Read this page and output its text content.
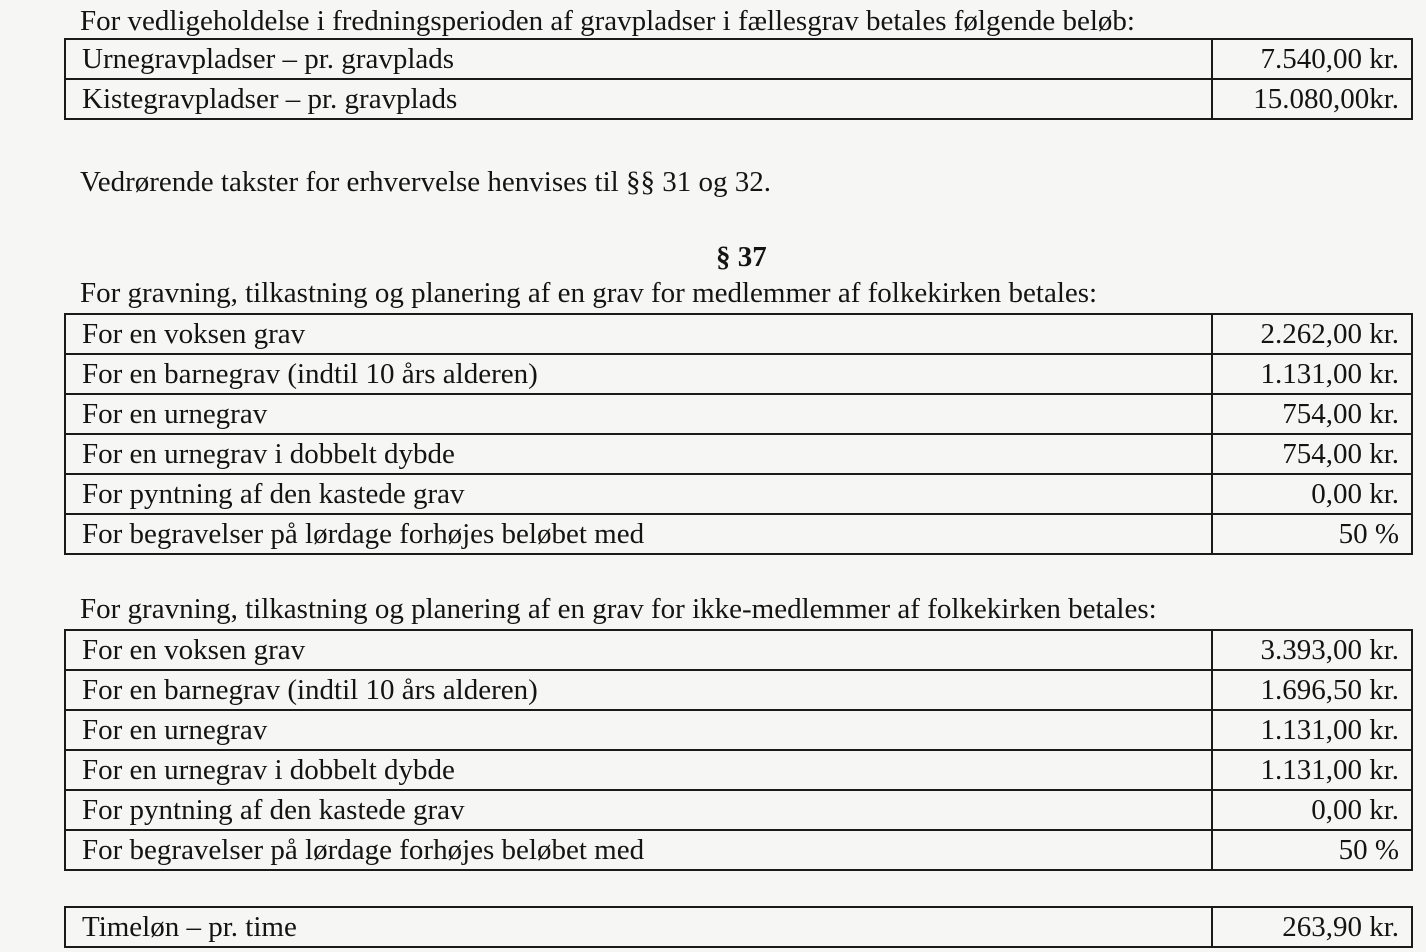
For vedligeholdelse i fredningsperioden af gravpladser i fællesgrav betales følgende beløb:

Urnegravpladser – pr. gravplads	7.540,00 kr.
Kistegravpladser – pr. gravplads	15.080,00kr.

Vedrørende takster for erhvervelse henvises til §§ 31 og 32.

§ 37

For gravning, tilkastning og planering af en grav for medlemmer af folkekirken betales:

For en voksen grav	2.262,00 kr.
For en barnegrav (indtil 10 års alderen)	1.131,00 kr.
For en urnegrav	754,00 kr.
For en urnegrav i dobbelt dybde	754,00 kr.
For pyntning af den kastede grav	0,00 kr.
For begravelser på lørdage forhøjes beløbet med	50 %

For gravning, tilkastning og planering af en grav for ikke-medlemmer af folkekirken betales:

For en voksen grav	3.393,00 kr.
For en barnegrav (indtil 10 års alderen)	1.696,50 kr.
For en urnegrav	1.131,00 kr.
For en urnegrav i dobbelt dybde	1.131,00 kr.
For pyntning af den kastede grav	0,00 kr.
For begravelser på lørdage forhøjes beløbet med	50 %
Timeløn – pr. time	263,90 kr.
